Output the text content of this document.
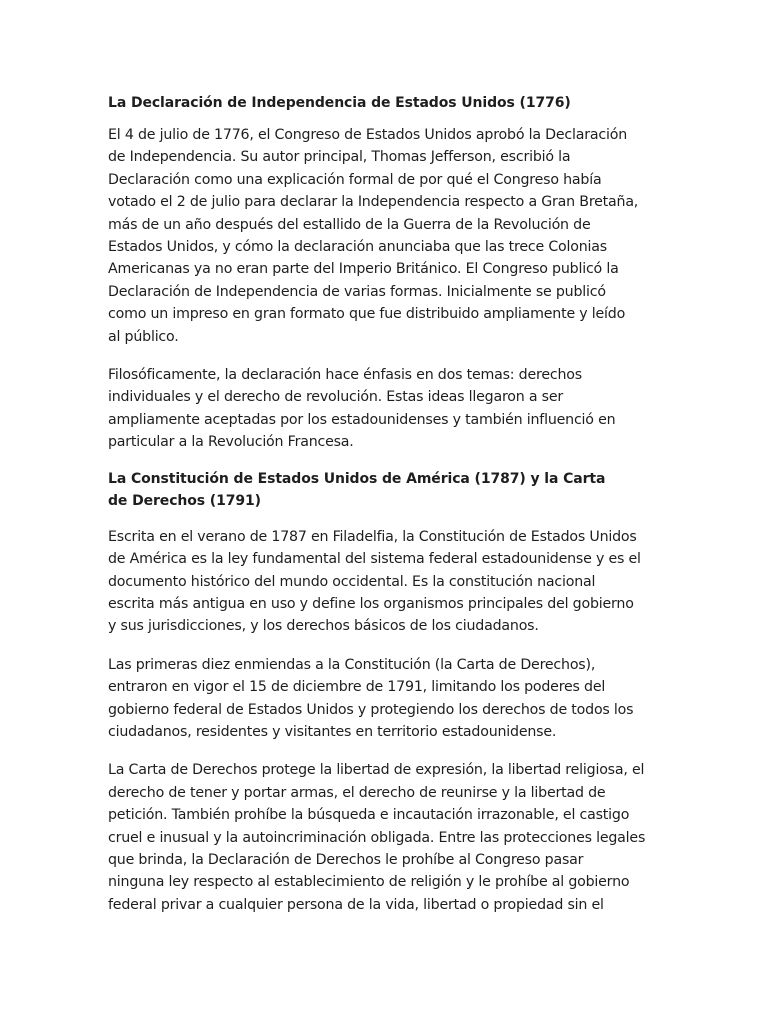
La Declaración de Independencia de Estados Unidos (1776)

El 4 de julio de 1776, el Congreso de Estados Unidos aprobó la Declaración
de Independencia. Su autor principal, Thomas Jefferson, escribió la
Declaración como una explicación formal de por qué el Congreso había
votado el 2 de julio para declarar la Independencia respecto a Gran Bretaña,
más de un año después del estallido de la Guerra de la Revolución de
Estados Unidos, y cómo la declaración anunciaba que las trece Colonias
Americanas ya no eran parte del Imperio Británico. El Congreso publicó la
Declaración de Independencia de varias formas. Inicialmente se publicó
como un impreso en gran formato que fue distribuido ampliamente y leído
al público.

Filosóficamente, la declaración hace énfasis en dos temas: derechos
individuales y el derecho de revolución. Estas ideas llegaron a ser
ampliamente aceptadas por los estadounidenses y también influenció en
particular a la Revolución Francesa.

La Constitución de Estados Unidos de América (1787) y la Carta
de Derechos (1791)

Escrita en el verano de 1787 en Filadelfia, la Constitución de Estados Unidos
de América es la ley fundamental del sistema federal estadounidense y es el
documento histórico del mundo occidental. Es la constitución nacional
escrita más antigua en uso y define los organismos principales del gobierno
y sus jurisdicciones, y los derechos básicos de los ciudadanos.

Las primeras diez enmiendas a la Constitución (la Carta de Derechos),
entraron en vigor el 15 de diciembre de 1791, limitando los poderes del
gobierno federal de Estados Unidos y protegiendo los derechos de todos los
ciudadanos, residentes y visitantes en territorio estadounidense.

La Carta de Derechos protege la libertad de expresión, la libertad religiosa, el
derecho de tener y portar armas, el derecho de reunirse y la libertad de
petición. También prohíbe la búsqueda e incautación irrazonable, el castigo
cruel e inusual y la autoincriminación obligada. Entre las protecciones legales
que brinda, la Declaración de Derechos le prohíbe al Congreso pasar
ninguna ley respecto al establecimiento de religión y le prohíbe al gobierno
federal privar a cualquier persona de la vida, libertad o propiedad sin el
